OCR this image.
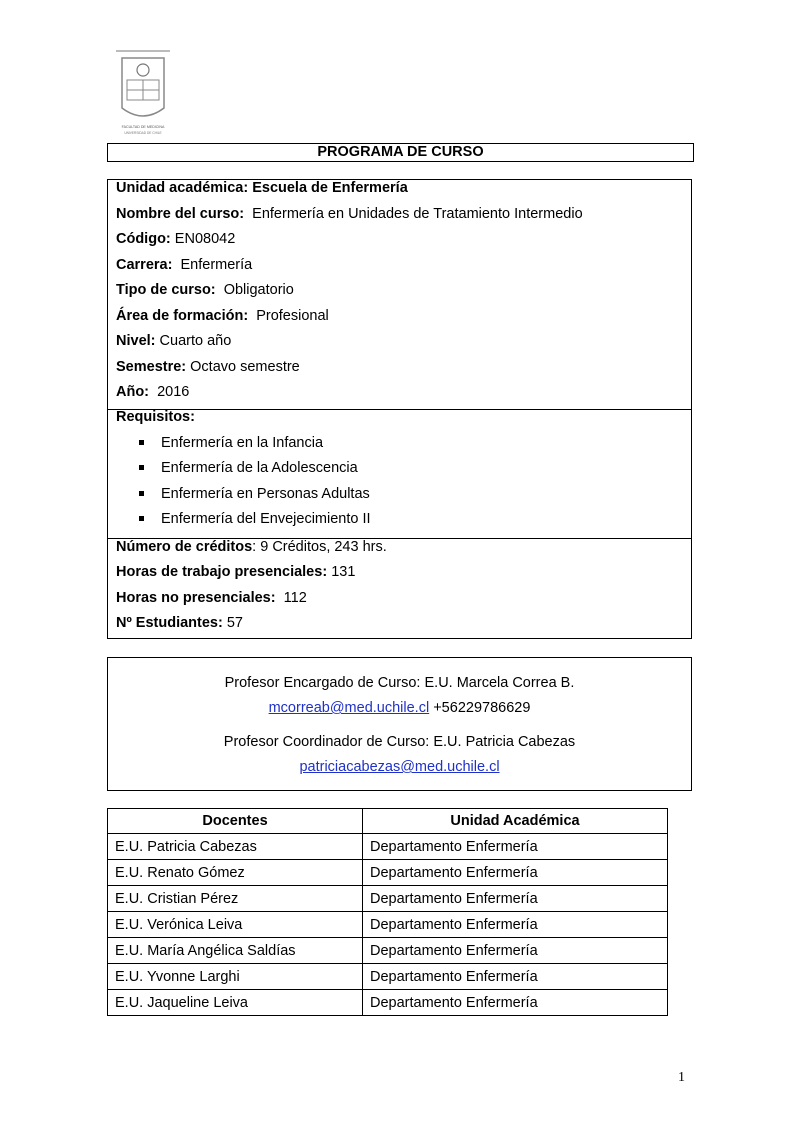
FACULTAD DE MEDICINA
UNIVERSIDAD DE CHILE
PROGRAMA DE CURSO
Unidad académica: Escuela de Enfermería
Nombre del curso: Enfermería en Unidades de Tratamiento Intermedio
Código: EN08042
Carrera: Enfermería
Tipo de curso: Obligatorio
Área de formación: Profesional
Nivel: Cuarto año
Semestre: Octavo semestre
Año: 2016
Requisitos:
Enfermería en la Infancia
Enfermería de la Adolescencia
Enfermería en Personas Adultas
Enfermería del Envejecimiento II
Número de créditos: 9 Créditos, 243 hrs.
Horas de trabajo presenciales: 131
Horas no presenciales: 112
Nº Estudiantes: 57
Profesor Encargado de Curso: E.U. Marcela Correa B.
mcorreab@med.uchile.cl +56229786629
Profesor Coordinador de Curso: E.U. Patricia Cabezas
patriciacabezas@med.uchile.cl
Docentes	Unidad Académica
E.U. Patricia Cabezas	Departamento Enfermería
E.U. Renato Gómez	Departamento Enfermería
E.U. Cristian Pérez	Departamento Enfermería
E.U. Verónica Leiva	Departamento Enfermería
E.U. María Angélica Saldías	Departamento Enfermería
E.U. Yvonne Larghi	Departamento Enfermería
E.U. Jaqueline Leiva	Departamento Enfermería
1
